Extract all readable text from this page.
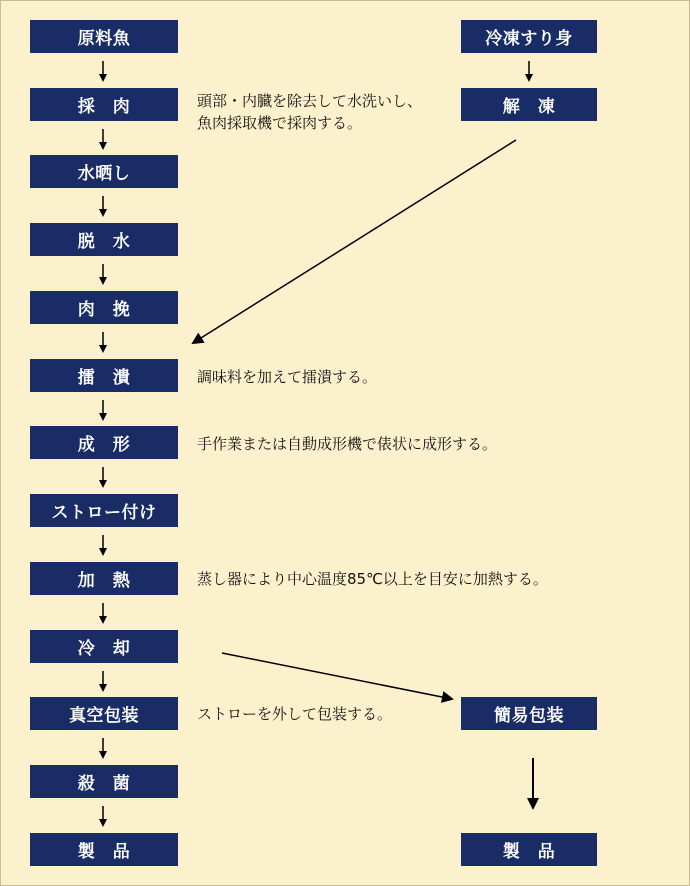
原料魚
採　肉
水晒し
脱　水
肉　挽
擂　潰
成　形
ストロー付け
加　熱
冷　却
真空包装
殺　菌
製　品
冷凍すり身
解　凍
簡易包装
製　品
頭部・内臓を除去して水洗いし、
魚肉採取機で採肉する。
調味料を加えて擂潰する。
手作業または自動成形機で俵状に成形する。
蒸し器により中心温度85℃以上を目安に加熱する。
ストローを外して包装する。
